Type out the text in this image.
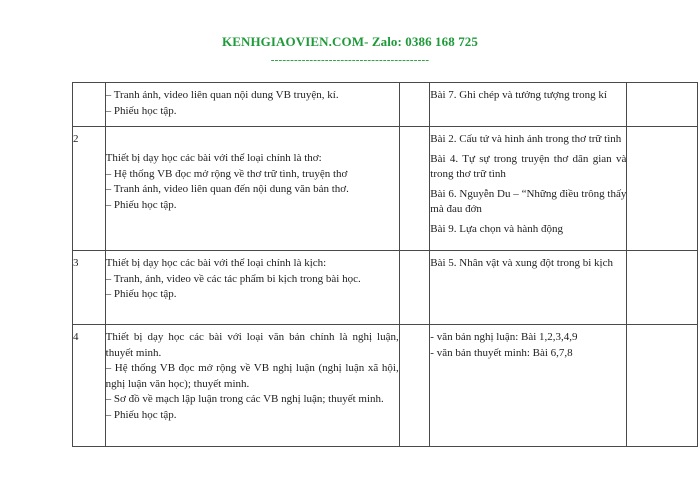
KENHGIAOVIEN.COM- Zalo: 0386 168 725
-----------------------------------------

	– Tranh ảnh, video liên quan nội dung VB truyện, kí.
– Phiếu học tập.		Bài 7. Ghi chép và tưởng tượng trong kí	

2	Thiết bị dạy học các bài với thể loại chính là thơ:
– Hệ thống VB đọc mở rộng về thơ trữ tình, truyện thơ
– Tranh ảnh, video liên quan đến nội dung văn bản thơ.
– Phiếu học tập.		Bài 2. Cấu tứ và hình ảnh trong thơ trữ tình
Bài 4. Tự sự trong truyện thơ dân gian và trong thơ trữ tình
Bài 6. Nguyễn Du – “Những điều trông thấy mà đau đớn
Bài 9. Lựa chọn và hành động	

3	Thiết bị dạy học các bài với thể loại chính là kịch:
– Tranh, ảnh, video về các tác phẩm bi kịch trong bài học.
– Phiếu học tập.		Bài 5. Nhân vật và xung đột trong bi kịch	

4	Thiết bị dạy học các bài với loại văn bản chính là nghị luận, thuyết minh.
– Hệ thống VB đọc mở rộng về VB nghị luận (nghị luận xã hội, nghị luận văn học); thuyết minh.
– Sơ đồ về mạch lập luận trong các VB nghị luận; thuyết minh.
– Phiếu học tập.		- văn bản nghị luận: Bài 1,2,3,4,9
- văn bản thuyết minh: Bài 6,7,8	
